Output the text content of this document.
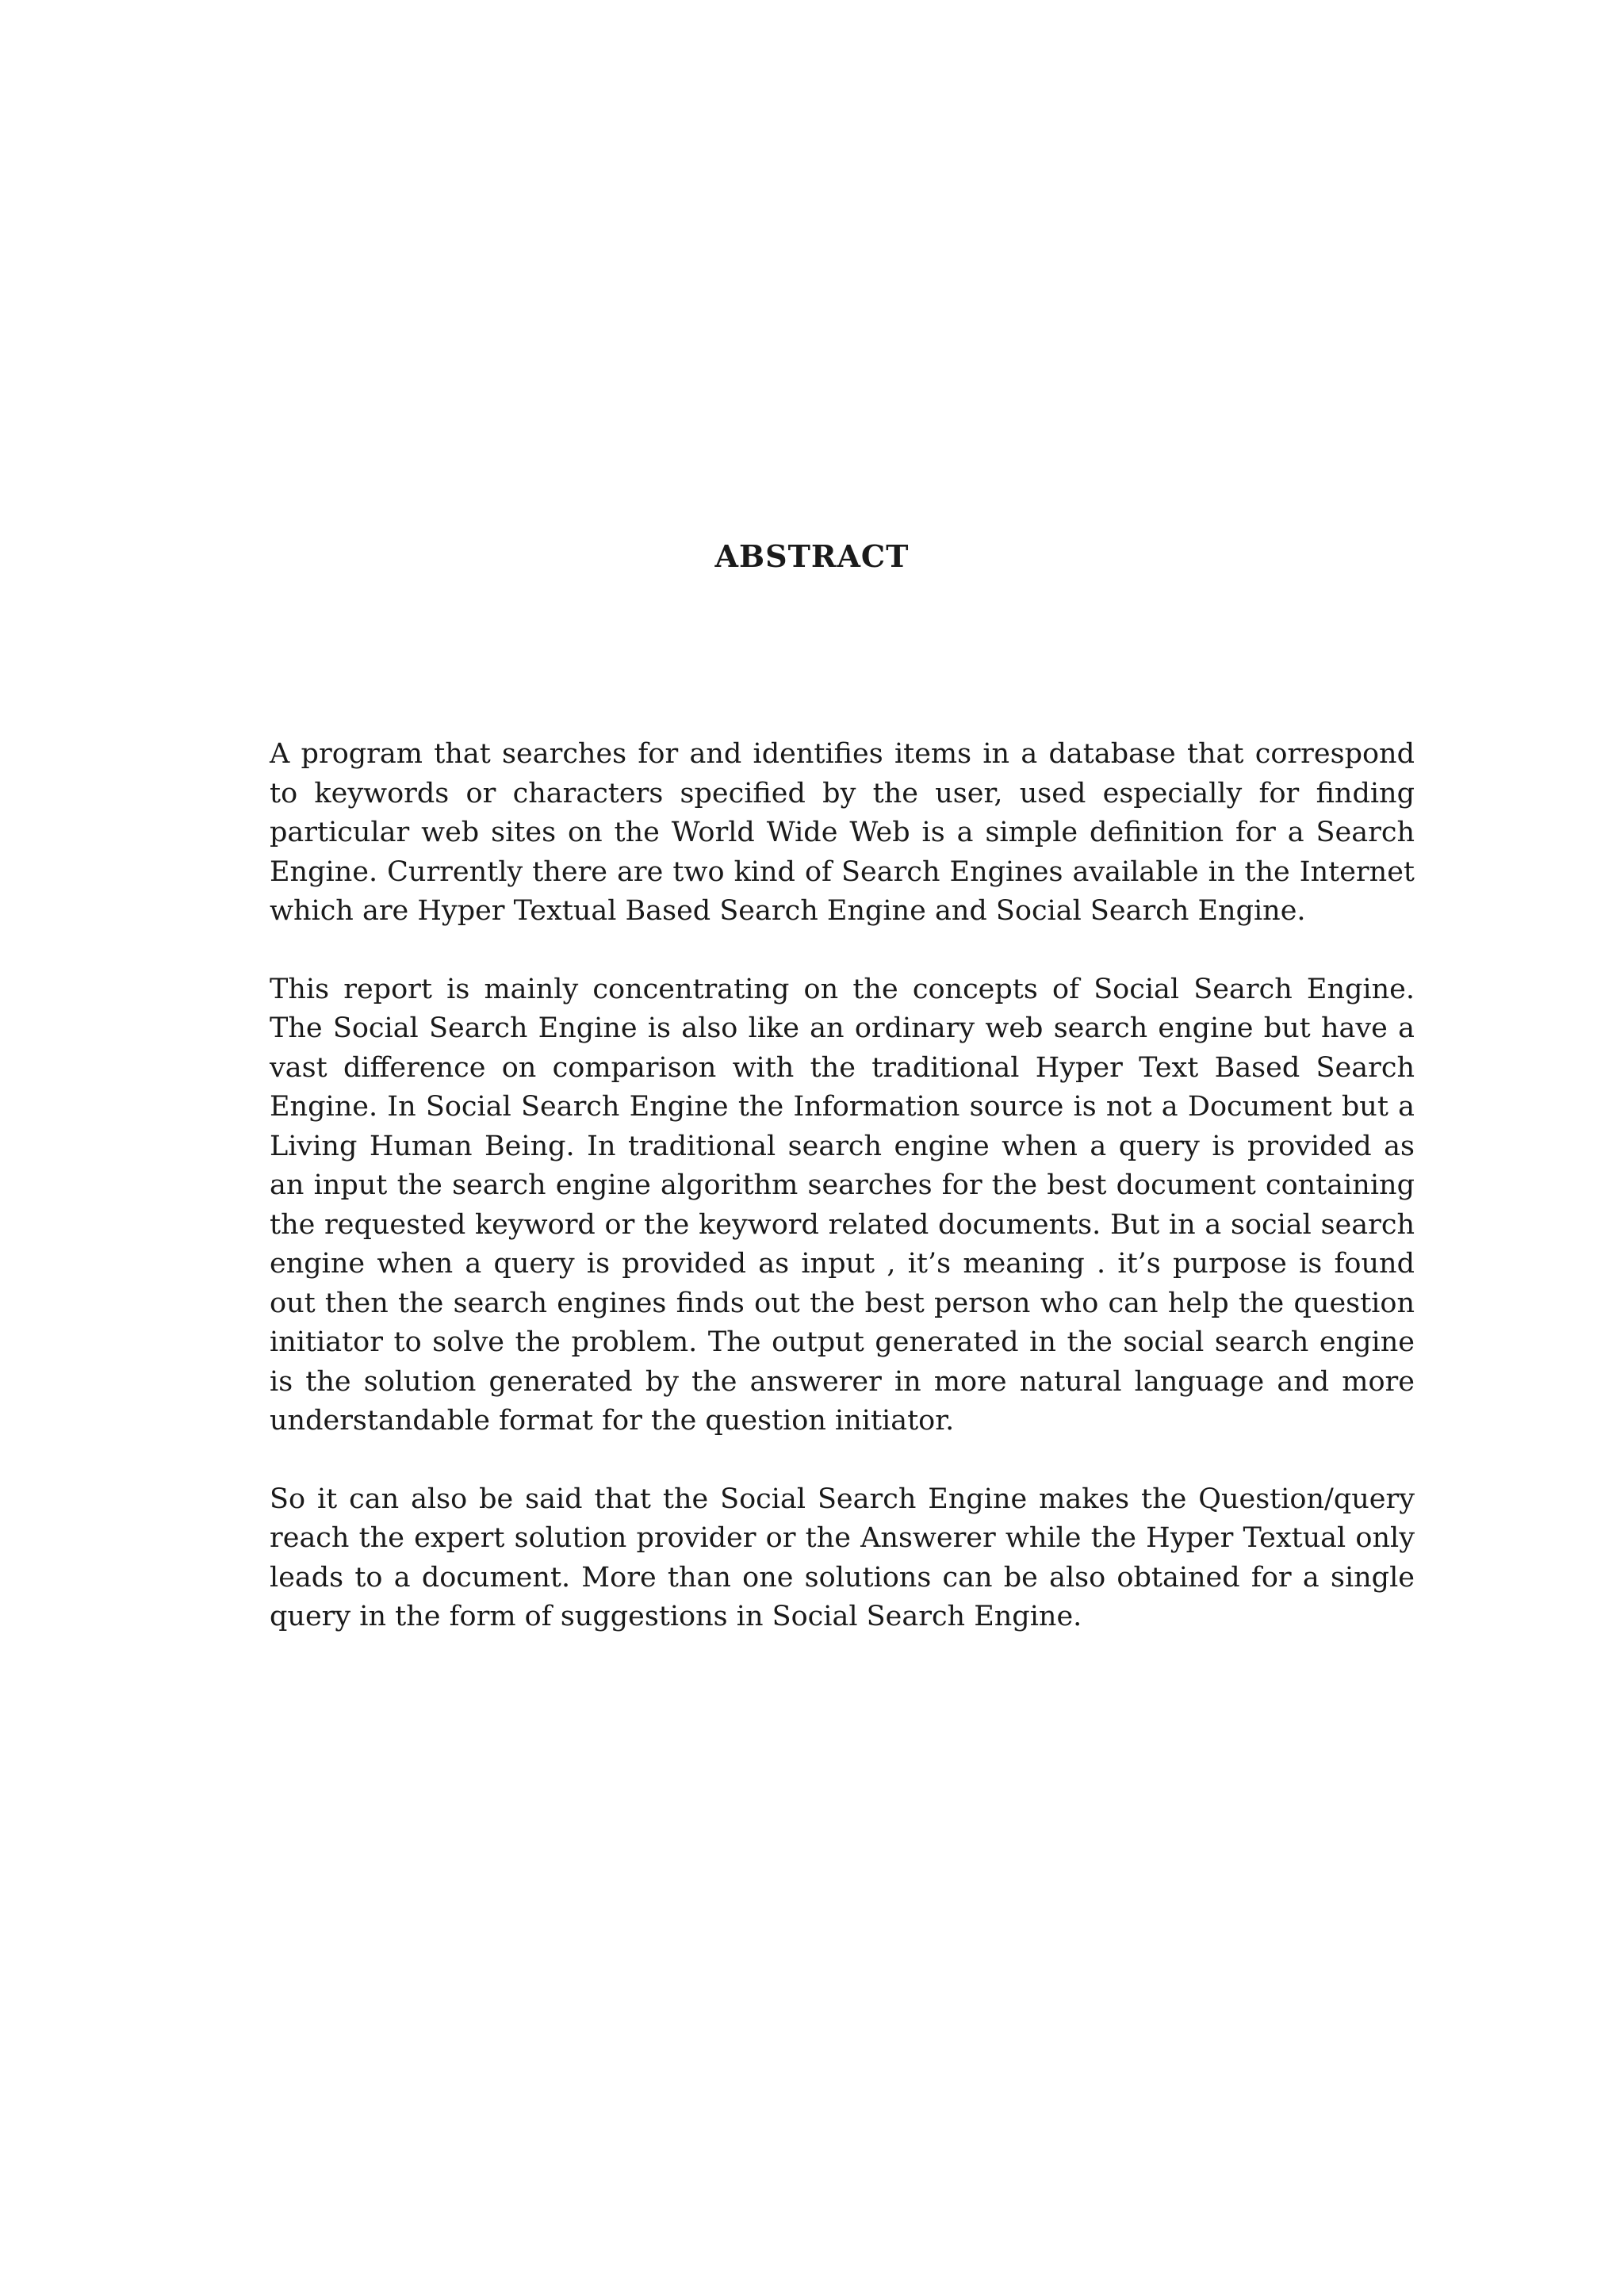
ABSTRACT

A program that searches for and identifies items in a database that correspond to keywords or characters specified by the user, used especially for finding particular web sites on the World Wide Web is a simple definition for a Search Engine. Currently there are two kind of Search Engines available in the Internet which are Hyper Textual Based Search Engine and Social Search Engine.

This report is mainly concentrating on the concepts of Social Search Engine. The Social Search Engine is also like an ordinary web search engine but have a vast difference on comparison with the traditional Hyper Text Based Search Engine. In Social Search Engine the Information source is not a Document but a Living Human Being. In traditional search engine when a query is provided as an input the search engine algorithm searches for the best document containing the requested keyword or the keyword related documents. But in a social search engine when a query is provided as input , it’s meaning . it’s purpose is found out then the search engines finds out the best person who can help the question initiator to solve the problem. The output generated in the social search engine is the solution generated by the answerer in more natural language and more understandable format for the question initiator.

So it can also be said that the Social Search Engine makes the Question/query reach the expert solution provider or the Answerer while the Hyper Textual only leads to a document. More than one solutions can be also obtained for a single query in the form of suggestions in Social Search Engine.
